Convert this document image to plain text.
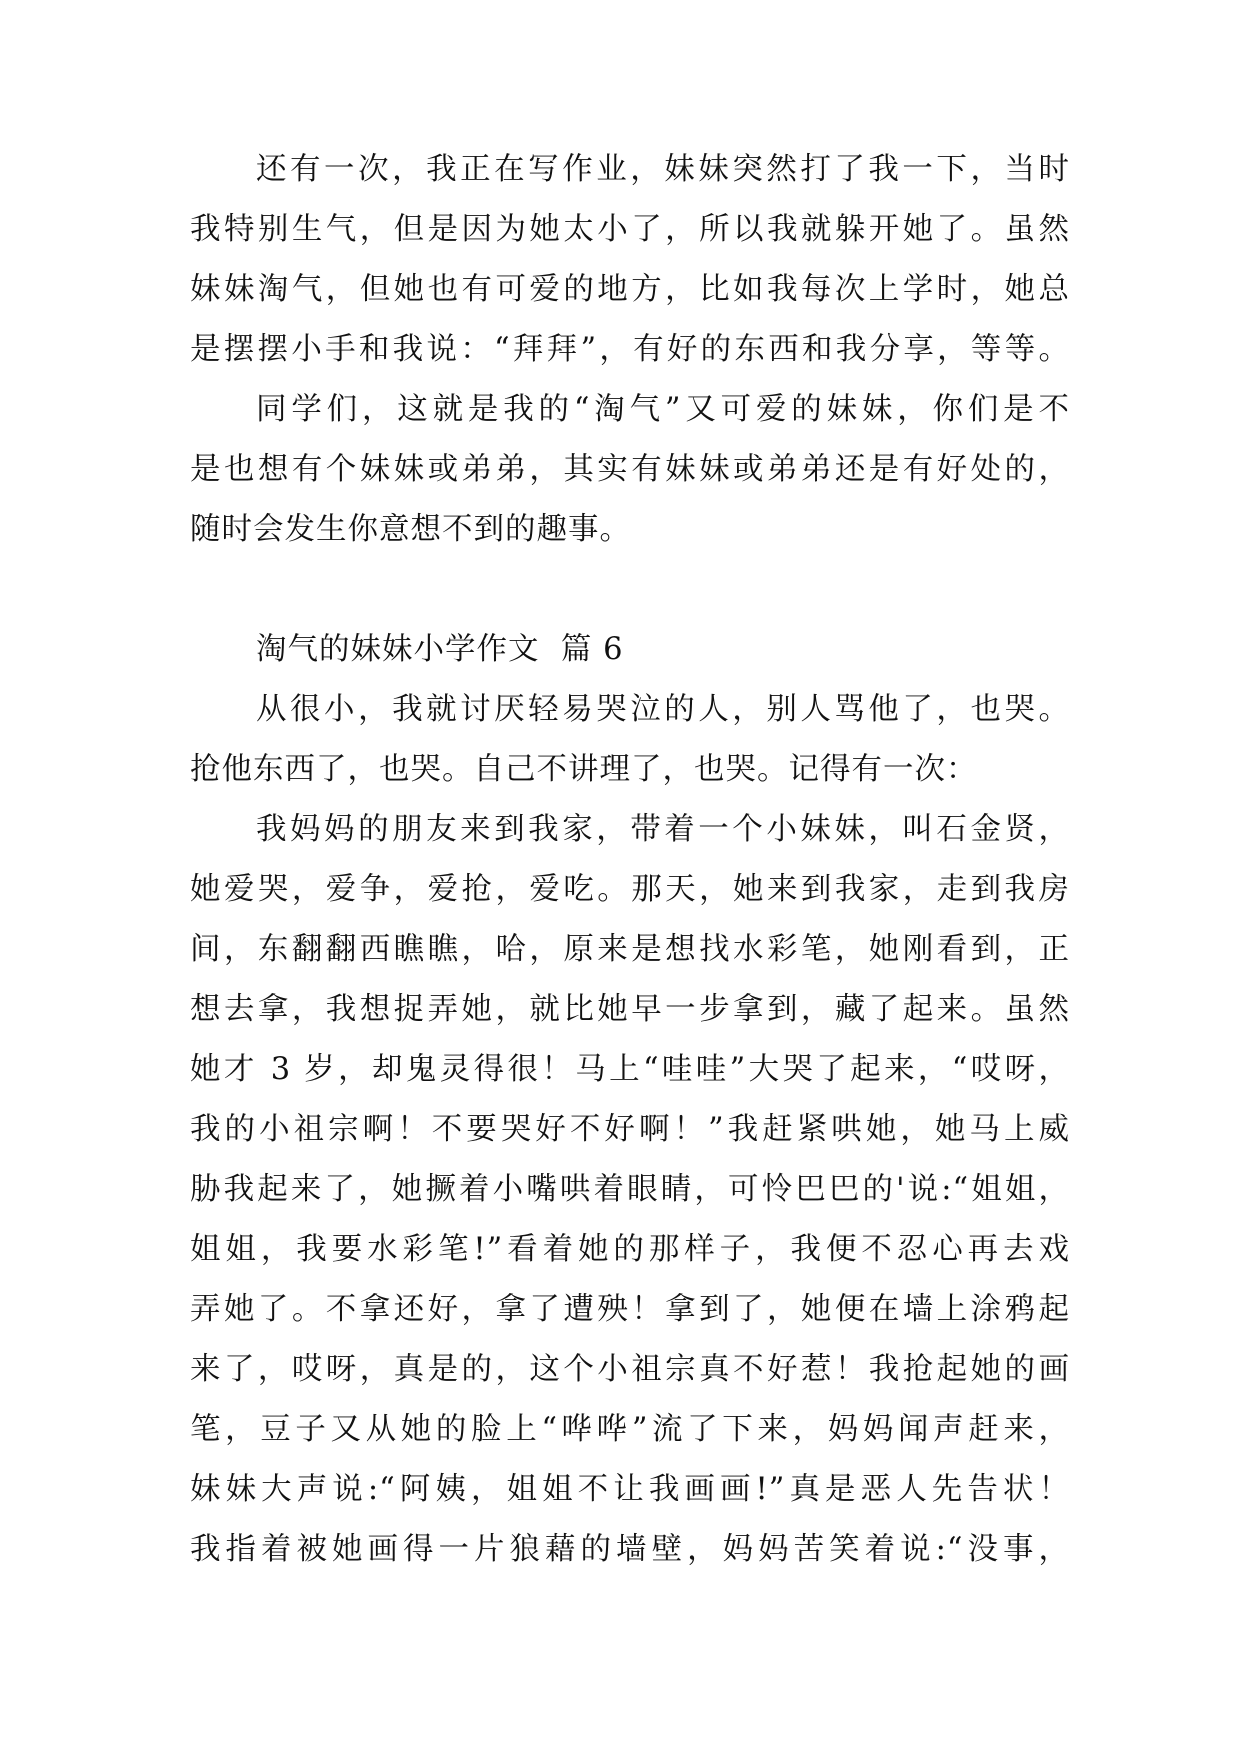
还有一次，我正在写作业，妹妹突然打了我一下，当时
我特别生气，但是因为她太小了，所以我就躲开她了。虽然
妹妹淘气，但她也有可爱的地方，比如我每次上学时，她总
是摆摆小手和我说：“拜拜”，有好的东西和我分享，等等。
同学们，这就是我的“淘气”又可爱的妹妹，你们是不
是也想有个妹妹或弟弟，其实有妹妹或弟弟还是有好处的，
随时会发生你意想不到的趣事。
淘气的妹妹小学作文  篇 6
从很小，我就讨厌轻易哭泣的人，别人骂他了，也哭。
抢他东西了，也哭。自己不讲理了，也哭。记得有一次：
我妈妈的朋友来到我家，带着一个小妹妹，叫石金贤，
她爱哭，爱争，爱抢，爱吃。那天，她来到我家，走到我房
间，东翻翻西瞧瞧，哈，原来是想找水彩笔，她刚看到，正
想去拿，我想捉弄她，就比她早一步拿到，藏了起来。虽然
她才 3 岁，却鬼灵得很！马上“哇哇”大哭了起来，“哎呀，
我的小祖宗啊！不要哭好不好啊！”我赶紧哄她，她马上威
胁我起来了，她撅着小嘴哄着眼睛，可怜巴巴的'说:“姐姐，
姐姐，我要水彩笔!”看着她的那样子，我便不忍心再去戏
弄她了。不拿还好，拿了遭殃！拿到了，她便在墙上涂鸦起
来了，哎呀，真是的，这个小祖宗真不好惹！我抢起她的画
笔，豆子又从她的脸上“哗哗”流了下来，妈妈闻声赶来，
妹妹大声说:“阿姨，姐姐不让我画画!”真是恶人先告状！
我指着被她画得一片狼藉的墙壁，妈妈苦笑着说:“没事，
